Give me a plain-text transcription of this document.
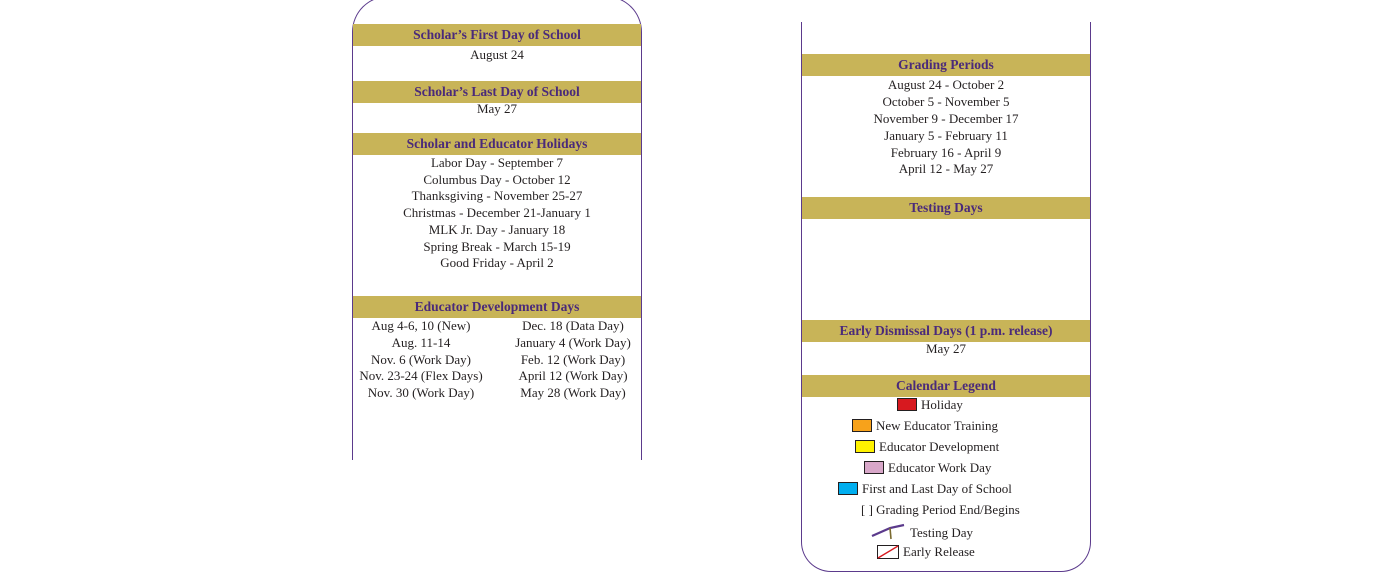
Scholar’s First Day of School
August 24
Scholar’s Last Day of School
May 27
Scholar and Educator Holidays
Labor Day - September 7
Columbus Day - October 12
Thanksgiving - November 25-27
Christmas - December 21-January 1
MLK Jr. Day - January 18
Spring Break - March 15-19
Good Friday - April 2
Educator Development Days
Aug 4-6, 10 (New)
Aug. 11-14
Nov. 6 (Work Day)
Nov. 23-24 (Flex Days)
Nov. 30 (Work Day)
Dec. 18 (Data Day)
January 4 (Work Day)
Feb. 12 (Work Day)
April 12 (Work Day)
May 28 (Work Day)
Grading Periods
August 24 - October 2
October 5 - November 5
November 9 - December 17
January 5 - February 11
February 16 - April 9
April 12 - May 27
Testing Days
Early Dismissal Days (1 p.m. release)
May 27
Calendar Legend
Holiday
New Educator Training
Educator Development
Educator Work Day
First and Last Day of School
[ ] Grading Period End/Begins
Testing Day
Early Release
